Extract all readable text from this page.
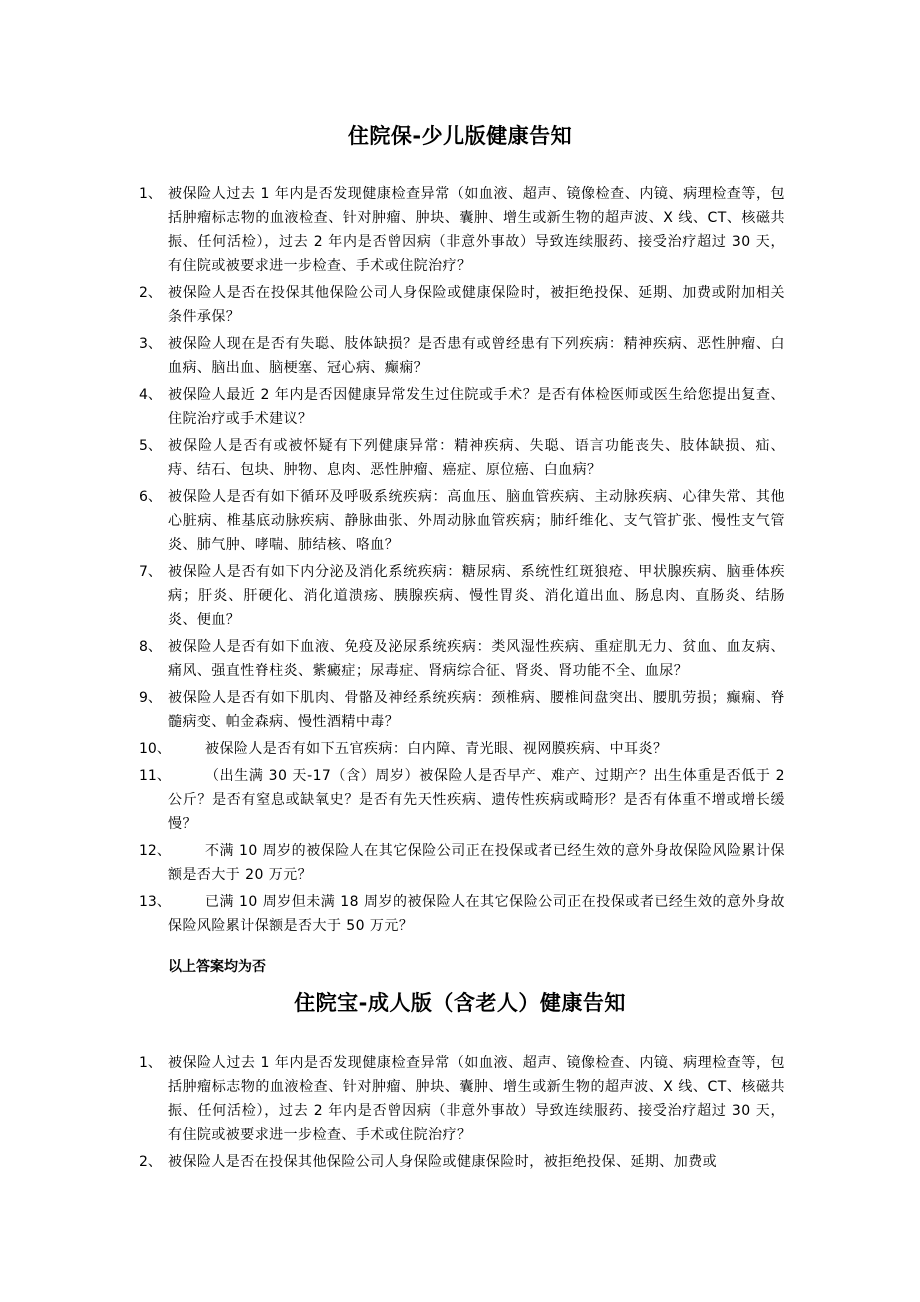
住院保-少儿版健康告知
1、 被保险人过去 1 年内是否发现健康检查异常（如血液、超声、镜像检查、内镜、病理检查等，包括肿瘤标志物的血液检查、针对肿瘤、肿块、囊肿、增生或新生物的超声波、X 线、CT、核磁共振、任何活检），过去 2 年内是否曾因病（非意外事故）导致连续服药、接受治疗超过 30 天，有住院或被要求进一步检查、手术或住院治疗？
2、 被保险人是否在投保其他保险公司人身保险或健康保险时，被拒绝投保、延期、加费或附加相关条件承保？
3、 被保险人现在是否有失聪、肢体缺损？是否患有或曾经患有下列疾病：精神疾病、恶性肿瘤、白血病、脑出血、脑梗塞、冠心病、癫痫？
4、 被保险人最近 2 年内是否因健康异常发生过住院或手术？是否有体检医师或医生给您提出复查、住院治疗或手术建议？
5、 被保险人是否有或被怀疑有下列健康异常：精神疾病、失聪、语言功能丧失、肢体缺损、疝、痔、结石、包块、肿物、息肉、恶性肿瘤、癌症、原位癌、白血病？
6、 被保险人是否有如下循环及呼吸系统疾病：高血压、脑血管疾病、主动脉疾病、心律失常、其他心脏病、椎基底动脉疾病、静脉曲张、外周动脉血管疾病；肺纤维化、支气管扩张、慢性支气管炎、肺气肿、哮喘、肺结核、咯血？
7、 被保险人是否有如下内分泌及消化系统疾病：糖尿病、系统性红斑狼疮、甲状腺疾病、脑垂体疾病；肝炎、肝硬化、消化道溃疡、胰腺疾病、慢性胃炎、消化道出血、肠息肉、直肠炎、结肠炎、便血？
8、 被保险人是否有如下血液、免疫及泌尿系统疾病：类风湿性疾病、重症肌无力、贫血、血友病、痛风、强直性脊柱炎、紫癜症；尿毒症、肾病综合征、肾炎、肾功能不全、血尿？
9、 被保险人是否有如下肌肉、骨骼及神经系统疾病：颈椎病、腰椎间盘突出、腰肌劳损；癫痫、脊髓病变、帕金森病、慢性酒精中毒？
10、	被保险人是否有如下五官疾病：白内障、青光眼、视网膜疾病、中耳炎？
11、	（出生满 30 天-17（含）周岁）被保险人是否早产、难产、过期产？出生体重是否低于 2 公斤？是否有窒息或缺氧史？是否有先天性疾病、遗传性疾病或畸形？是否有体重不增或增长缓慢？
12、	不满 10 周岁的被保险人在其它保险公司正在投保或者已经生效的意外身故保险风险累计保额是否大于 20 万元？
13、	已满 10 周岁但未满 18 周岁的被保险人在其它保险公司正在投保或者已经生效的意外身故保险风险累计保额是否大于 50 万元？
以上答案均为否
住院宝-成人版（含老人）健康告知
1、 被保险人过去 1 年内是否发现健康检查异常（如血液、超声、镜像检查、内镜、病理检查等，包括肿瘤标志物的血液检查、针对肿瘤、肿块、囊肿、增生或新生物的超声波、X 线、CT、核磁共振、任何活检），过去 2 年内是否曾因病（非意外事故）导致连续服药、接受治疗超过 30 天，有住院或被要求进一步检查、手术或住院治疗？
2、 被保险人是否在投保其他保险公司人身保险或健康保险时，被拒绝投保、延期、加费或
